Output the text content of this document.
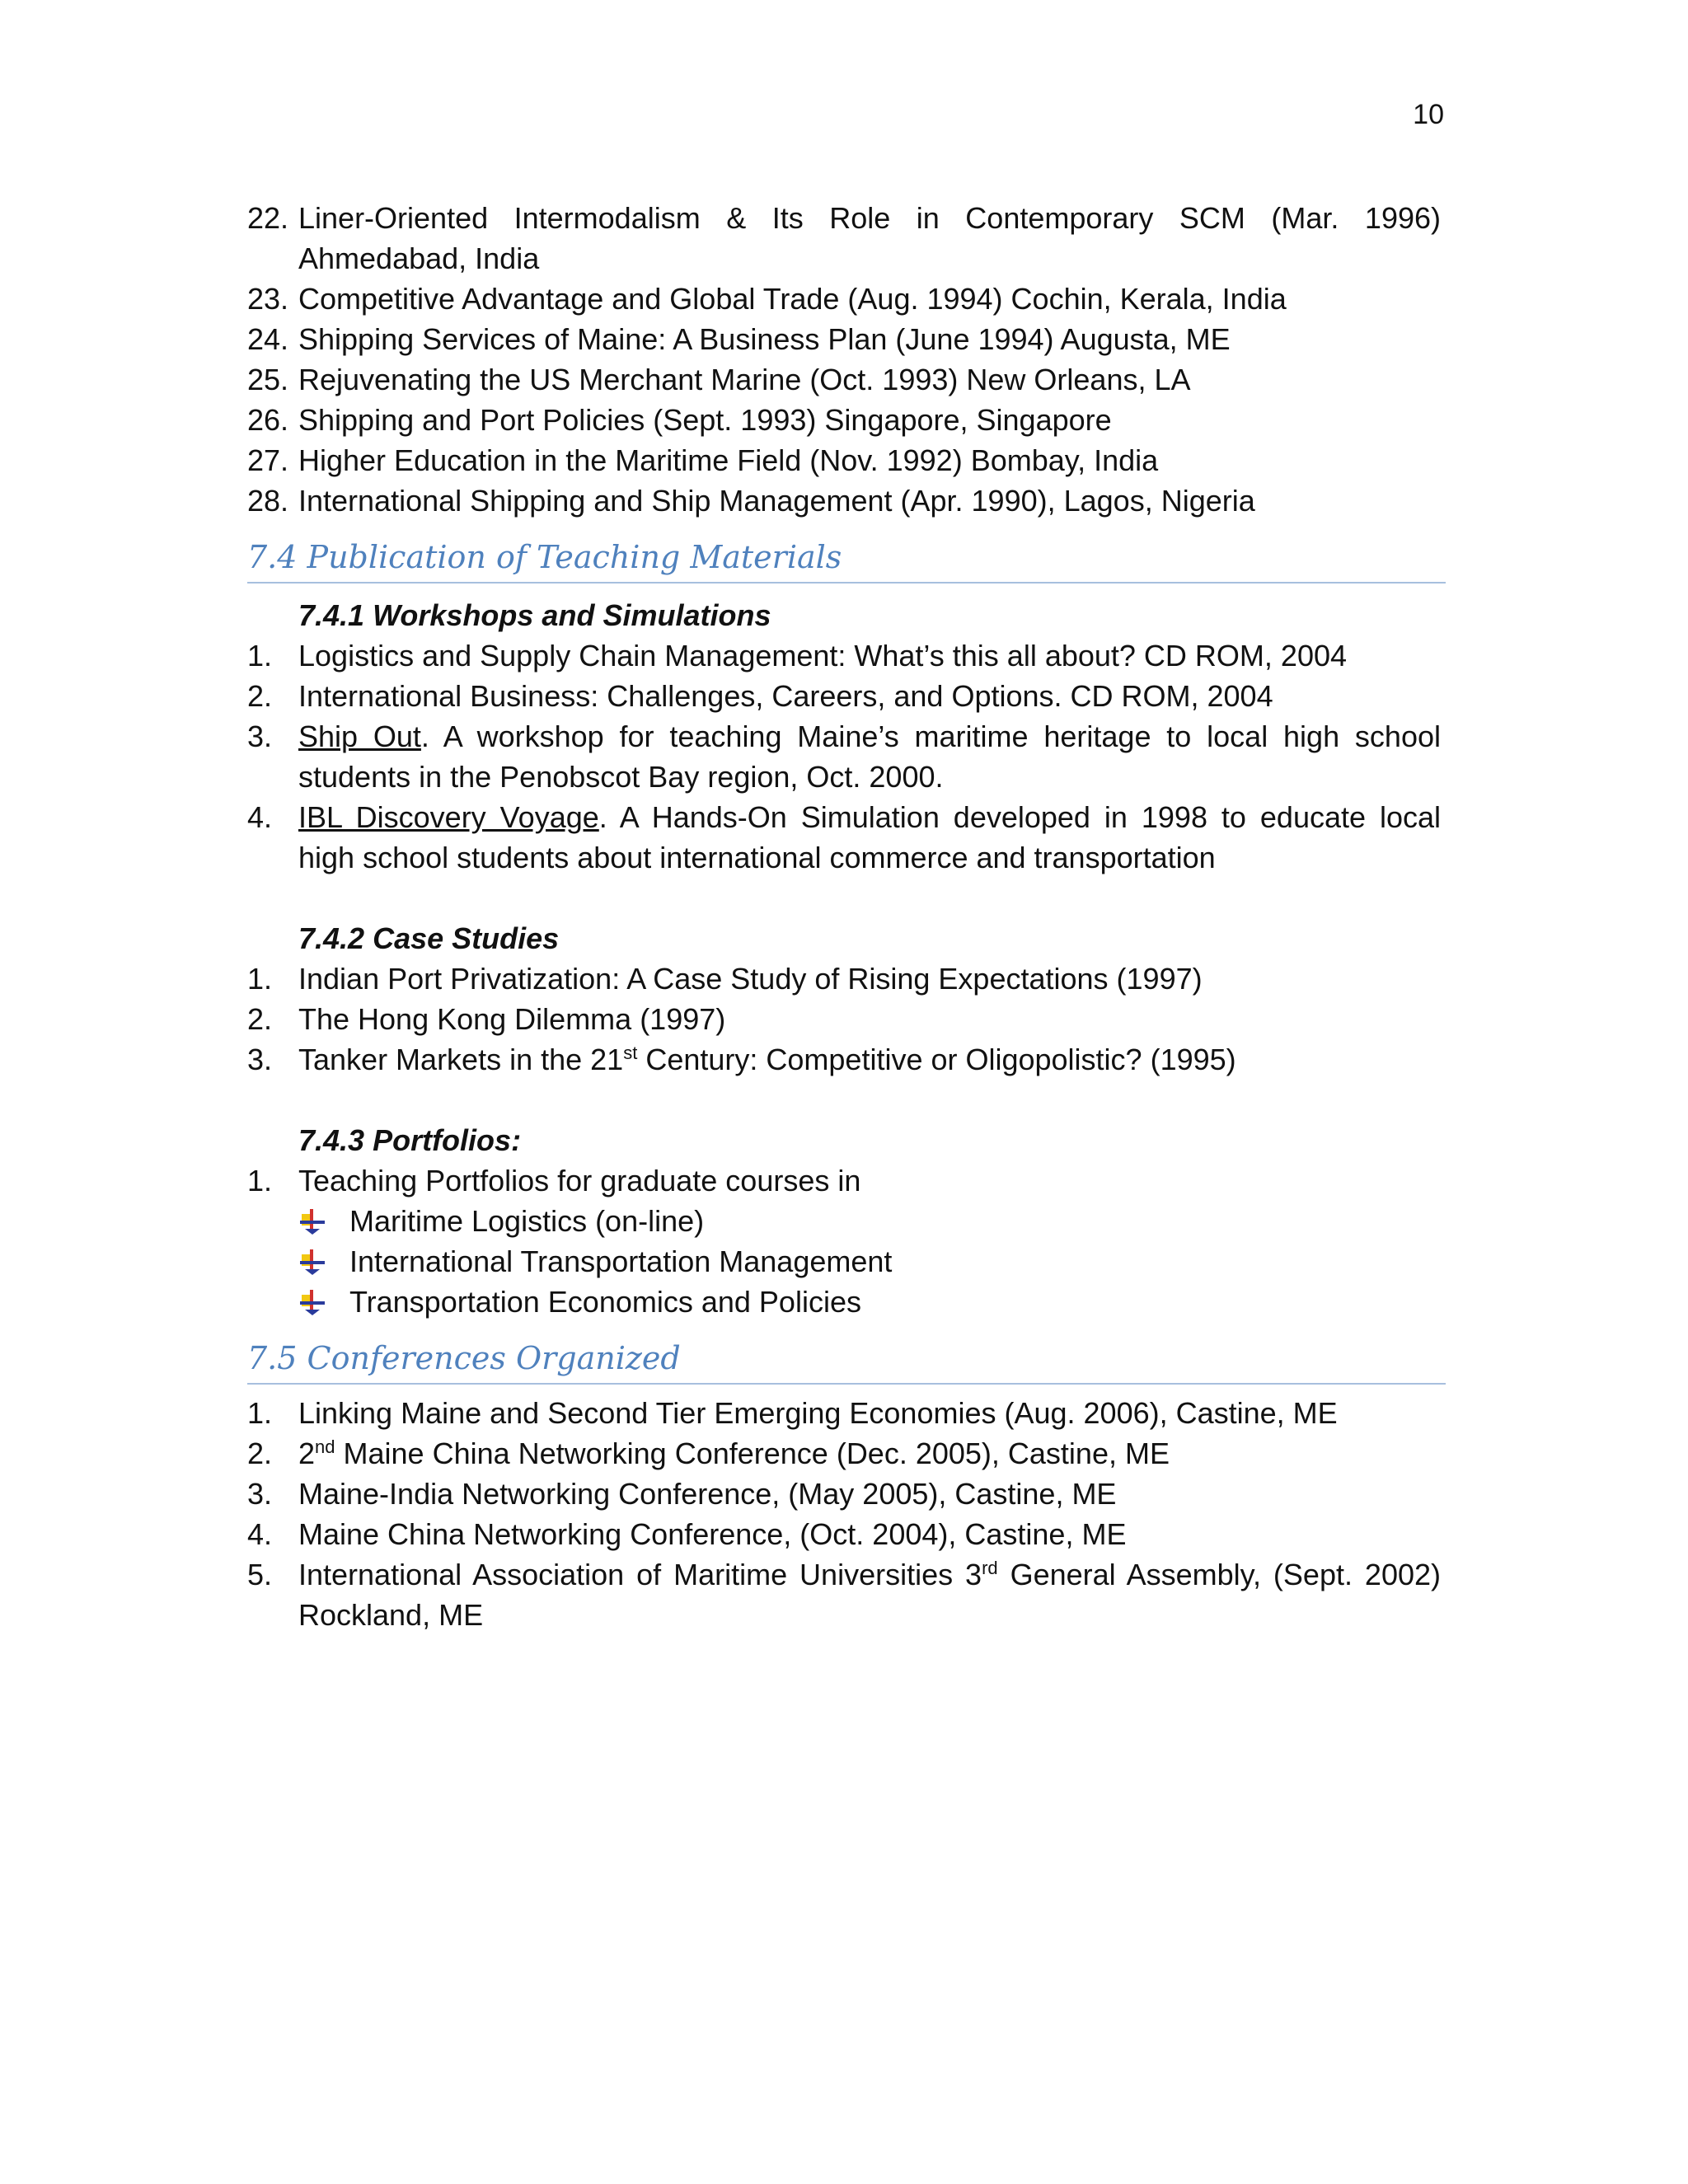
10
22. Liner-Oriented Intermodalism & Its Role in Contemporary SCM (Mar. 1996) Ahmedabad, India
23. Competitive Advantage and Global Trade (Aug. 1994) Cochin, Kerala, India
24. Shipping Services of Maine: A Business Plan (June 1994) Augusta, ME
25. Rejuvenating the US Merchant Marine (Oct. 1993) New Orleans, LA
26. Shipping and Port Policies (Sept. 1993) Singapore, Singapore
27. Higher Education in the Maritime Field (Nov. 1992) Bombay, India
28. International Shipping and Ship Management (Apr. 1990), Lagos, Nigeria
7.4 Publication of Teaching Materials
7.4.1 Workshops and Simulations
1. Logistics and Supply Chain Management: What’s this all about? CD ROM, 2004
2. International Business: Challenges, Careers, and Options. CD ROM, 2004
3. Ship Out. A workshop for teaching Maine’s maritime heritage to local high school students in the Penobscot Bay region, Oct. 2000.
4. IBL Discovery Voyage. A Hands-On Simulation developed in 1998 to educate local high school students about international commerce and transportation
7.4.2 Case Studies
1. Indian Port Privatization: A Case Study of Rising Expectations (1997)
2. The Hong Kong Dilemma (1997)
3. Tanker Markets in the 21st Century: Competitive or Oligopolistic? (1995)
7.4.3 Portfolios:
1. Teaching Portfolios for graduate courses in
Maritime Logistics (on-line)
International Transportation Management
Transportation Economics and Policies
7.5 Conferences Organized
1. Linking Maine and Second Tier Emerging Economies (Aug. 2006), Castine, ME
2. 2nd Maine China Networking Conference (Dec. 2005), Castine, ME
3. Maine-India Networking Conference, (May 2005), Castine, ME
4. Maine China Networking Conference, (Oct. 2004), Castine, ME
5. International Association of Maritime Universities 3rd General Assembly, (Sept. 2002) Rockland, ME
